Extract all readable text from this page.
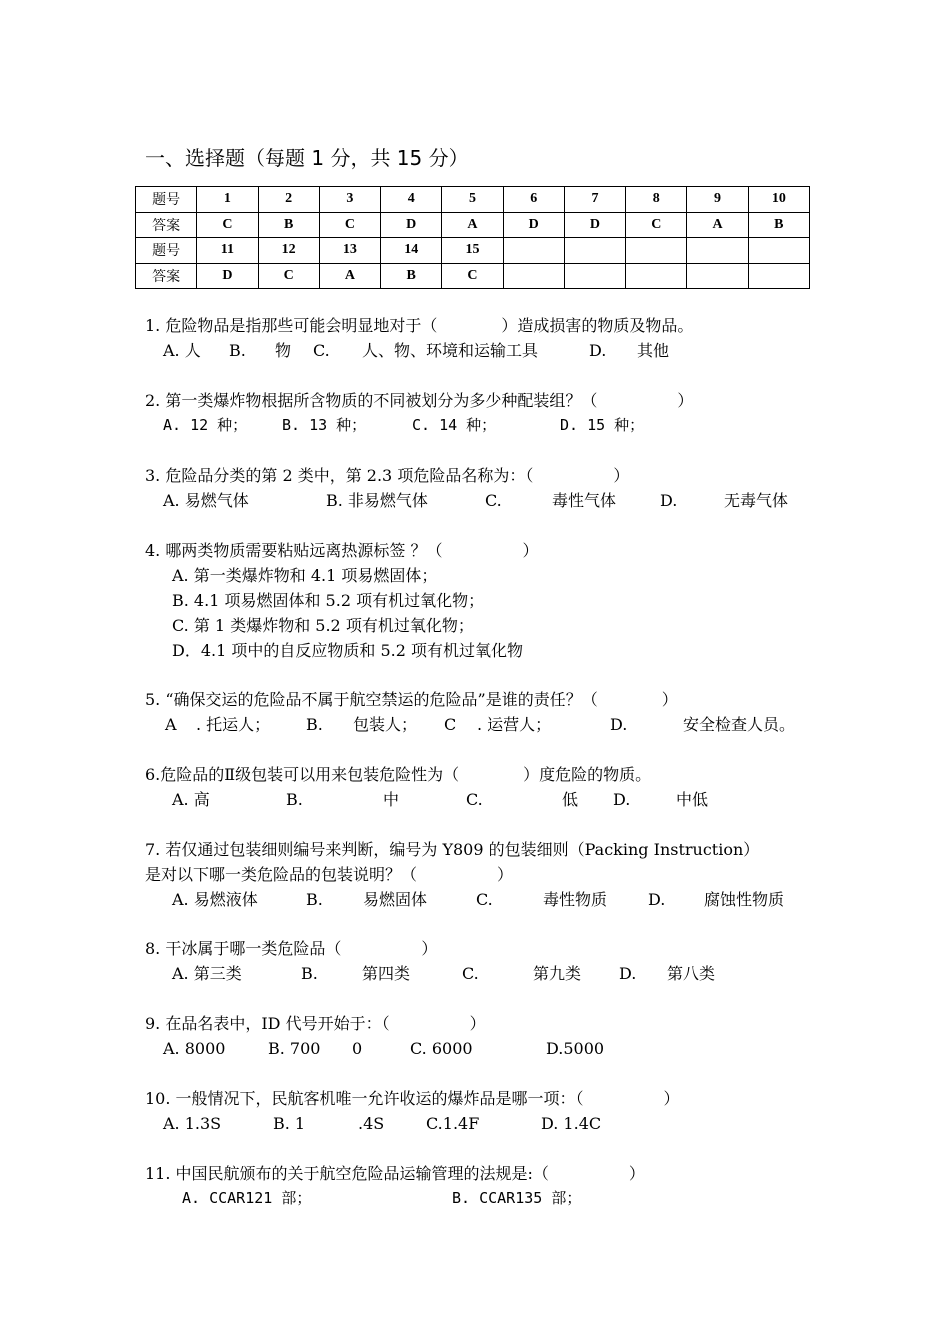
一、选择题（每题 1 分，共 15 分）
题号	1	2	3	4	5	6	7	8	9	10
答案	C	B	C	D	A	D	D	C	A	B
题号	11	12	13	14	15					
答案	D	C	A	B	C					
1. 危险物品是指那些可能会明显地对于（　　　　）造成损害的物质及物品。
A. 人 B. 物 C. 人、物、环境和运输工具	D. 其他
2. 第一类爆炸物根据所含物质的不同被划分为多少种配装组？（　　　　　）
A. 12 种； B. 13 种；	C. 14 种；	D. 15 种；
3. 危险品分类的第 2 类中，第 2.3 项危险品名称为：（　　　　　）
A. 易燃气体	B. 非易燃气体	C.	毒性气体	D.	无毒气体
4. 哪两类物质需要粘贴远离热源标签 ？（　　　　　）
A. 第一类爆炸物和 4.1 项易燃固体；
B. 4.1 项易燃固体和 5.2 项有机过氧化物；
C. 第 1 类爆炸物和 5.2 项有机过氧化物；
D．4.1 项中的自反应物质和 5.2 项有机过氧化物
5. “确保交运的危险品不属于航空禁运的危险品”是谁的责任？（　　　　）
A . 托运人； B. 包装人； C . 运营人；	D.	安全检查人员。
6.危险品的Ⅱ级包装可以用来包装危险性为（　　　　）度危险的物质。
A. 高	B.	中	C.	低 D.	中低
7. 若仅通过包装细则编号来判断，编号为 Y809 的包装细则（Packing Instruction）
是对以下哪一类危险品的包装说明？（　　　　　）
A. 易燃液体	B.	易燃固体	C.	毒性物质	D. 腐蚀性物质
8. 干冰属于哪一类危险品（　　　　　）
A. 第三类	B.	第四类	C.	第九类 D. 第八类
9. 在品名表中，ID 代号开始于：（　　　　　）
A. 8000	B. 700 0	C. 6000	D.5000
10. 一般情况下，民航客机唯一允许收运的爆炸品是哪一项：（　　　　　）
A. 1.3S	B. 1	.4S	C.1.4F	D. 1.4C
11. 中国民航颁布的关于航空危险品运输管理的法规是:（　　　　　）
A. CCAR121 部；	B. CCAR135 部；
